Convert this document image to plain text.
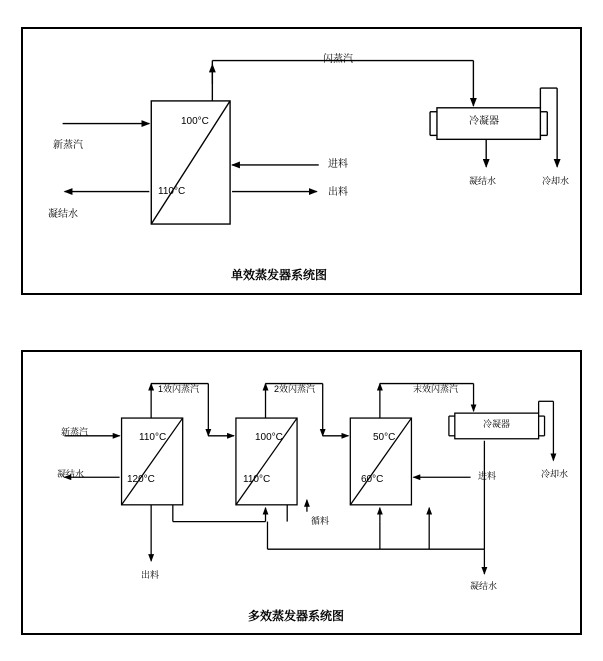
闪蒸汽
新蒸汽
凝结水
进料
出料
100°C
110°C
冷凝器
凝结水	冷却水
单效蒸发器系统图
1效闪蒸汽	2效闪蒸汽	末效闪蒸汽
新蒸汽
凝结水
110°C
120°C
100°C
110°C
50°C
60°C	进料
循料
出料
凝结水
冷凝器
冷却水
多效蒸发器系统图
